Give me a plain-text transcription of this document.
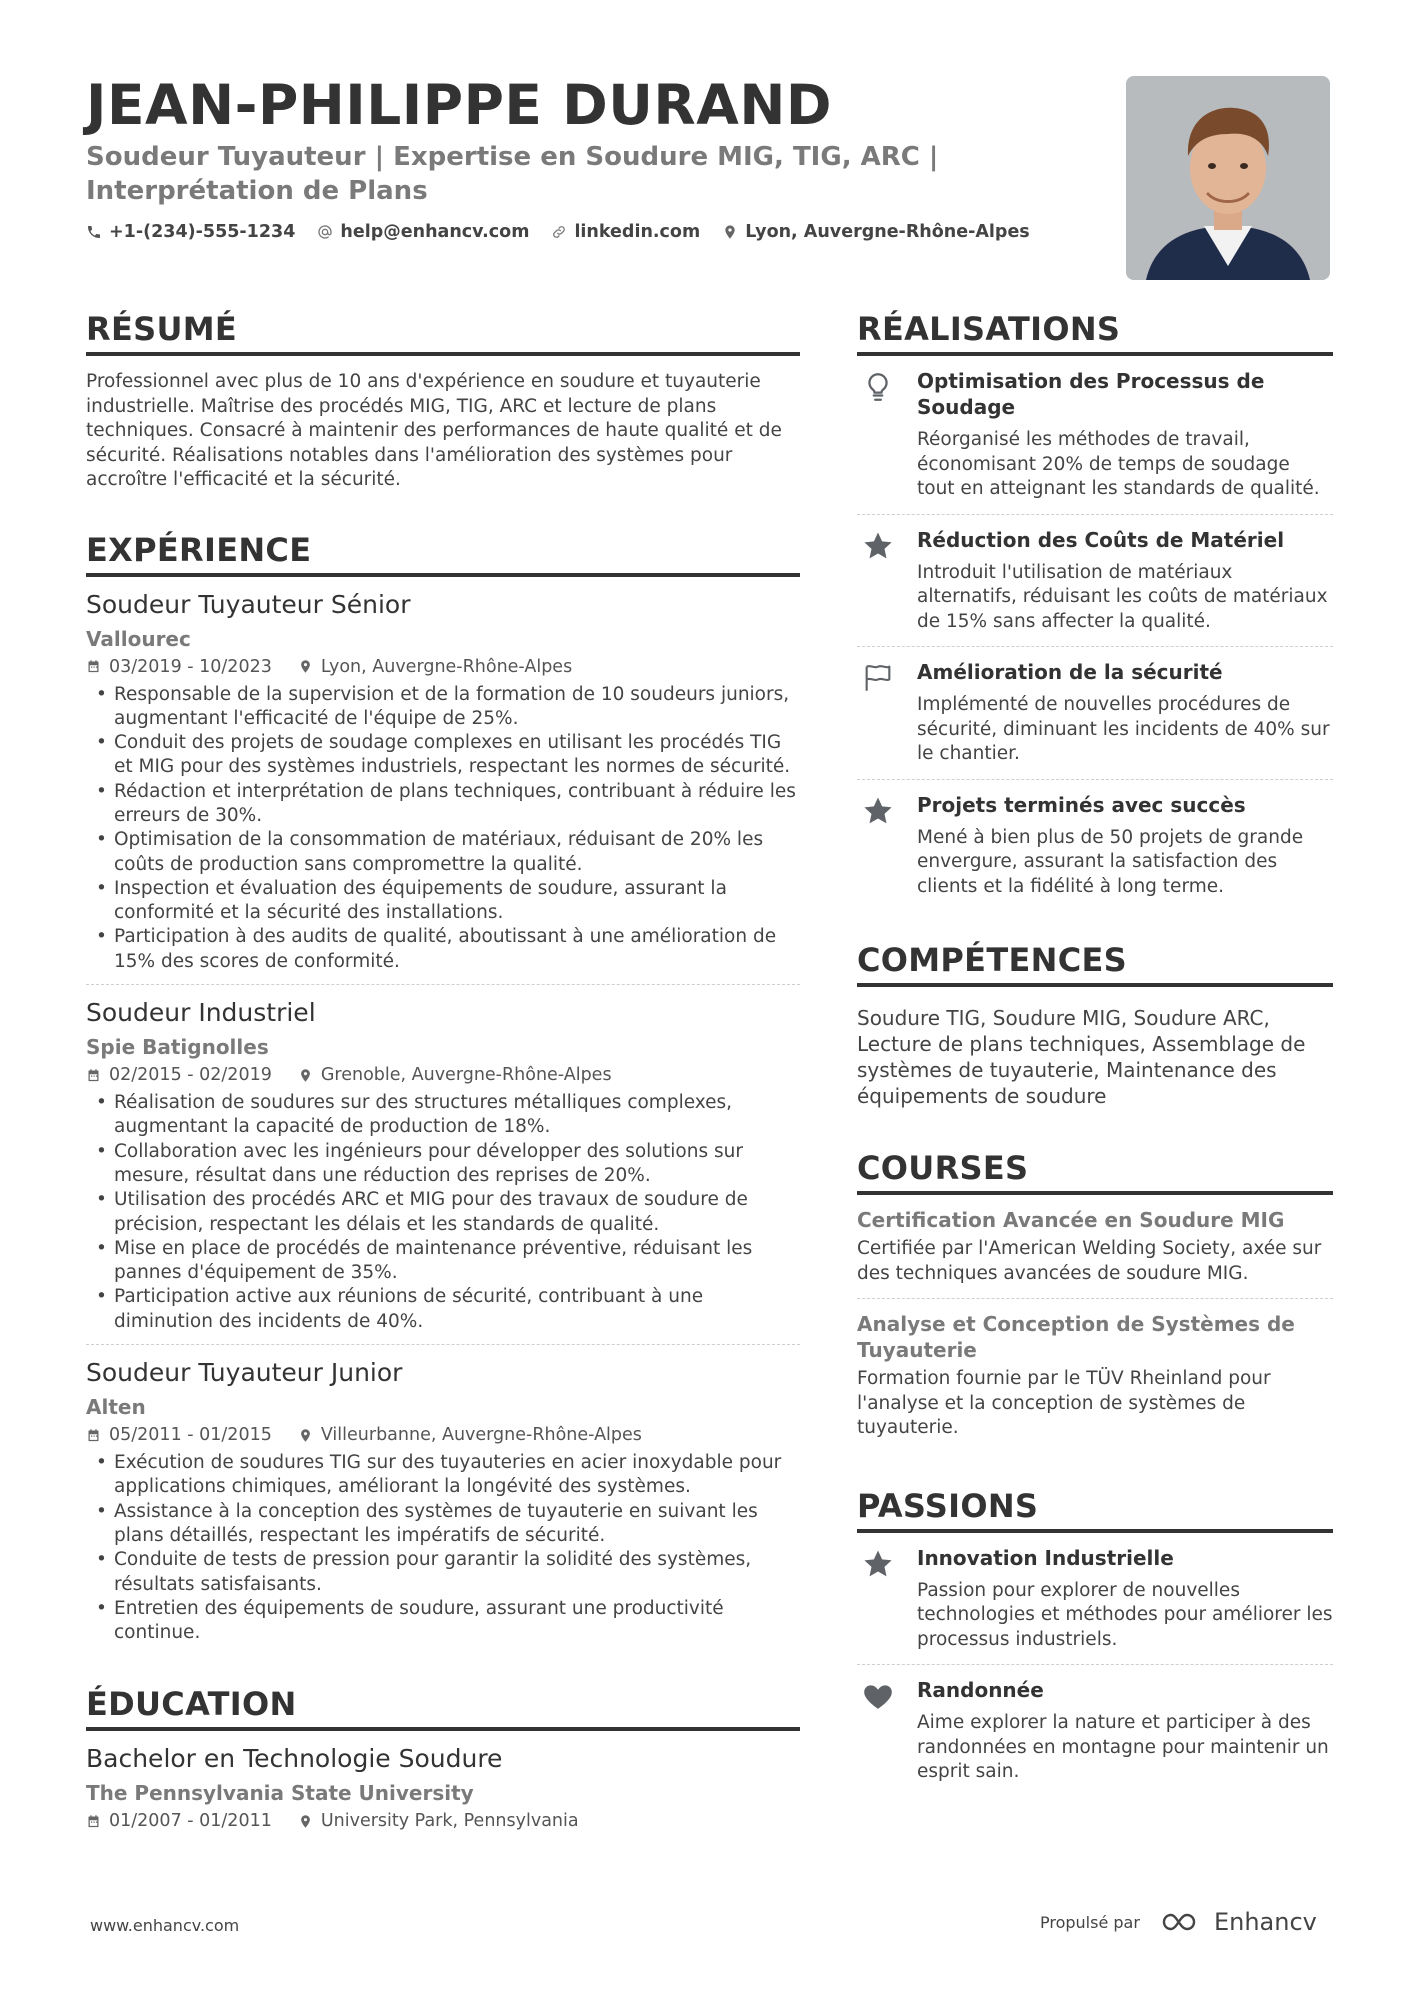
JEAN-PHILIPPE DURAND
Soudeur Tuyauteur | Expertise en Soudure MIG, TIG, ARC | Interprétation de Plans
+1-(234)-555-1234	help@enhancv.com	linkedin.com	Lyon, Auvergne-Rhône-Alpes
RÉSUMÉ
Professionnel avec plus de 10 ans d'expérience en soudure et tuyauterie industrielle. Maîtrise des procédés MIG, TIG, ARC et lecture de plans techniques. Consacré à maintenir des performances de haute qualité et de sécurité. Réalisations notables dans l'amélioration des systèmes pour accroître l'efficacité et la sécurité.
EXPÉRIENCE
Soudeur Tuyauteur Sénior
Vallourec
03/2019 - 10/2023	Lyon, Auvergne-Rhône-Alpes
• Responsable de la supervision et de la formation de 10 soudeurs juniors, augmentant l'efficacité de l'équipe de 25%.
• Conduit des projets de soudage complexes en utilisant les procédés TIG et MIG pour des systèmes industriels, respectant les normes de sécurité.
• Rédaction et interprétation de plans techniques, contribuant à réduire les erreurs de 30%.
• Optimisation de la consommation de matériaux, réduisant de 20% les coûts de production sans compromettre la qualité.
• Inspection et évaluation des équipements de soudure, assurant la conformité et la sécurité des installations.
• Participation à des audits de qualité, aboutissant à une amélioration de 15% des scores de conformité.
Soudeur Industriel
Spie Batignolles
02/2015 - 02/2019	Grenoble, Auvergne-Rhône-Alpes
• Réalisation de soudures sur des structures métalliques complexes, augmentant la capacité de production de 18%.
• Collaboration avec les ingénieurs pour développer des solutions sur mesure, résultat dans une réduction des reprises de 20%.
• Utilisation des procédés ARC et MIG pour des travaux de soudure de précision, respectant les délais et les standards de qualité.
• Mise en place de procédés de maintenance préventive, réduisant les pannes d'équipement de 35%.
• Participation active aux réunions de sécurité, contribuant à une diminution des incidents de 40%.
Soudeur Tuyauteur Junior
Alten
05/2011 - 01/2015	Villeurbanne, Auvergne-Rhône-Alpes
• Exécution de soudures TIG sur des tuyauteries en acier inoxydable pour applications chimiques, améliorant la longévité des systèmes.
• Assistance à la conception des systèmes de tuyauterie en suivant les plans détaillés, respectant les impératifs de sécurité.
• Conduite de tests de pression pour garantir la solidité des systèmes, résultats satisfaisants.
• Entretien des équipements de soudure, assurant une productivité continue.
ÉDUCATION
Bachelor en Technologie Soudure
The Pennsylvania State University
01/2007 - 01/2011	University Park, Pennsylvania
RÉALISATIONS
Optimisation des Processus de Soudage
Réorganisé les méthodes de travail, économisant 20% de temps de soudage tout en atteignant les standards de qualité.
Réduction des Coûts de Matériel
Introduit l'utilisation de matériaux alternatifs, réduisant les coûts de matériaux de 15% sans affecter la qualité.
Amélioration de la sécurité
Implémenté de nouvelles procédures de sécurité, diminuant les incidents de 40% sur le chantier.
Projets terminés avec succès
Mené à bien plus de 50 projets de grande envergure, assurant la satisfaction des clients et la fidélité à long terme.
COMPÉTENCES
Soudure TIG, Soudure MIG, Soudure ARC, Lecture de plans techniques, Assemblage de systèmes de tuyauterie, Maintenance des équipements de soudure
COURSES
Certification Avancée en Soudure MIG
Certifiée par l'American Welding Society, axée sur des techniques avancées de soudure MIG.
Analyse et Conception de Systèmes de Tuyauterie
Formation fournie par le TÜV Rheinland pour l'analyse et la conception de systèmes de tuyauterie.
PASSIONS
Innovation Industrielle
Passion pour explorer de nouvelles technologies et méthodes pour améliorer les processus industriels.
Randonnée
Aime explorer la nature et participer à des randonnées en montagne pour maintenir un esprit sain.
www.enhancv.com	Propulsé par	Enhancv
